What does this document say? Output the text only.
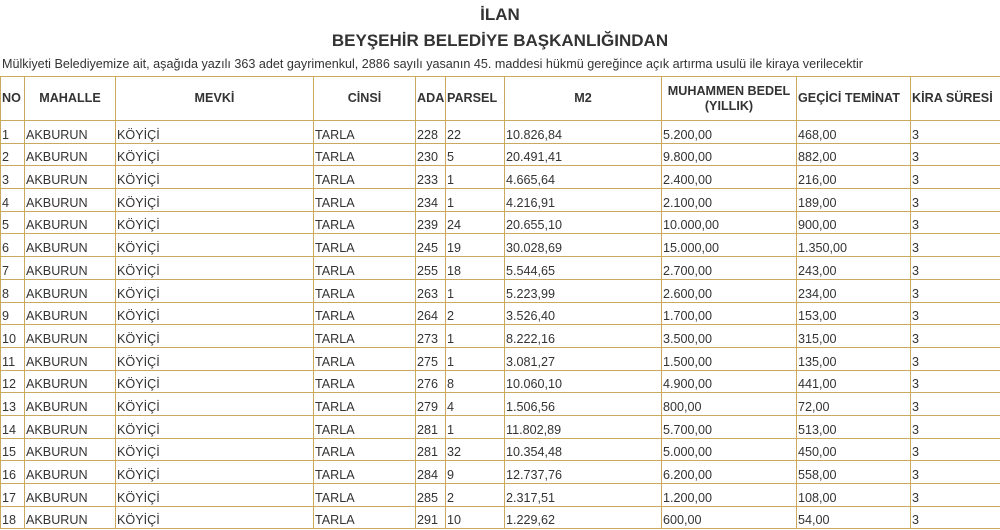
İLAN
BEYŞEHİR BELEDİYE BAŞKANLIĞINDAN
Mülkiyeti Belediyemize ait, aşağıda yazılı 363 adet gayrimenkul, 2886 sayılı yasanın 45. maddesi hükmü gereğince açık artırma usulü ile kiraya verilecektir
NO	MAHALLE	MEVKİ	CİNSİ	ADA	PARSEL	M2	MUHAMMEN BEDEL (YILLIK)	GEÇİCİ TEMİNAT	KİRA SÜRESİ
1	AKBURUN	KÖYİÇİ	TARLA	228	22	10.826,84	5.200,00	468,00	3
2	AKBURUN	KÖYİÇİ	TARLA	230	5	20.491,41	9.800,00	882,00	3
3	AKBURUN	KÖYİÇİ	TARLA	233	1	4.665,64	2.400,00	216,00	3
4	AKBURUN	KÖYİÇİ	TARLA	234	1	4.216,91	2.100,00	189,00	3
5	AKBURUN	KÖYİÇİ	TARLA	239	24	20.655,10	10.000,00	900,00	3
6	AKBURUN	KÖYİÇİ	TARLA	245	19	30.028,69	15.000,00	1.350,00	3
7	AKBURUN	KÖYİÇİ	TARLA	255	18	5.544,65	2.700,00	243,00	3
8	AKBURUN	KÖYİÇİ	TARLA	263	1	5.223,99	2.600,00	234,00	3
9	AKBURUN	KÖYİÇİ	TARLA	264	2	3.526,40	1.700,00	153,00	3
10	AKBURUN	KÖYİÇİ	TARLA	273	1	8.222,16	3.500,00	315,00	3
11	AKBURUN	KÖYİÇİ	TARLA	275	1	3.081,27	1.500,00	135,00	3
12	AKBURUN	KÖYİÇİ	TARLA	276	8	10.060,10	4.900,00	441,00	3
13	AKBURUN	KÖYİÇİ	TARLA	279	4	1.506,56	800,00	72,00	3
14	AKBURUN	KÖYİÇİ	TARLA	281	1	11.802,89	5.700,00	513,00	3
15	AKBURUN	KÖYİÇİ	TARLA	281	32	10.354,48	5.000,00	450,00	3
16	AKBURUN	KÖYİÇİ	TARLA	284	9	12.737,76	6.200,00	558,00	3
17	AKBURUN	KÖYİÇİ	TARLA	285	2	2.317,51	1.200,00	108,00	3
18	AKBURUN	KÖYİÇİ	TARLA	291	10	1.229,62	600,00	54,00	3
